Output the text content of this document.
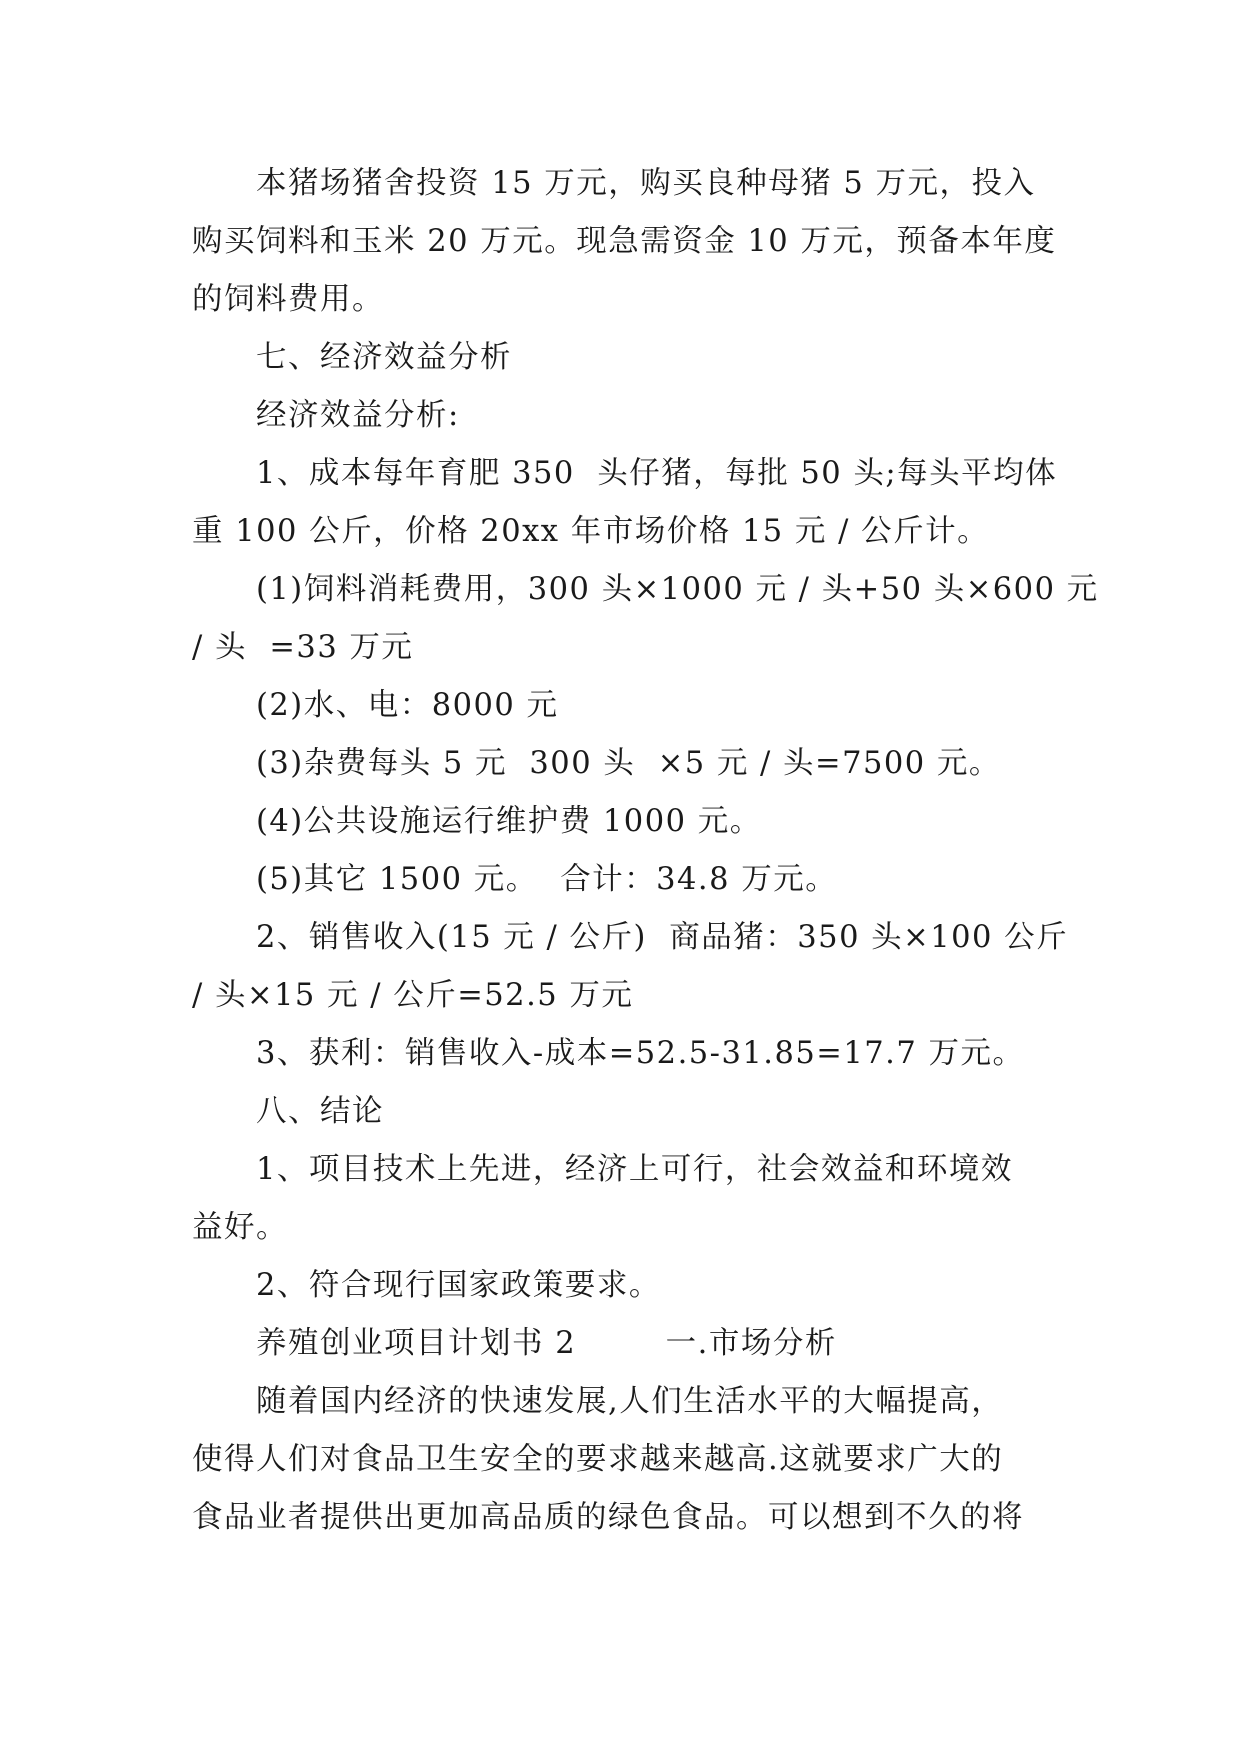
本猪场猪舍投资 15 万元，购买良种母猪 5 万元，投入
购买饲料和玉米 20 万元。现急需资金 10 万元，预备本年度
的饲料费用。
七、经济效益分析
经济效益分析:
1、成本每年育肥 350  头仔猪，每批 50 头;每头平均体
重 100 公斤，价格 20xx 年市场价格 15 元 / 公斤计。
(1)饲料消耗费用，300 头×1000 元 / 头+50 头×600 元
/ 头  =33 万元
(2)水、电：8000 元
(3)杂费每头 5 元  300 头  ×5 元 / 头=7500 元。
(4)公共设施运行维护费 1000 元。
(5)其它 1500 元。  合计：34.8 万元。
2、销售收入(15 元 / 公斤)  商品猪：350 头×100 公斤
/ 头×15 元 / 公斤=52.5 万元
3、获利：销售收入-成本=52.5-31.85=17.7 万元。
八、结论
1、项目技术上先进，经济上可行，社会效益和环境效
益好。
2、符合现行国家政策要求。
养殖创业项目计划书 2        一.市场分析
随着国内经济的快速发展,人们生活水平的大幅提高，
使得人们对食品卫生安全的要求越来越高.这就要求广大的
食品业者提供出更加高品质的绿色食品。可以想到不久的将
